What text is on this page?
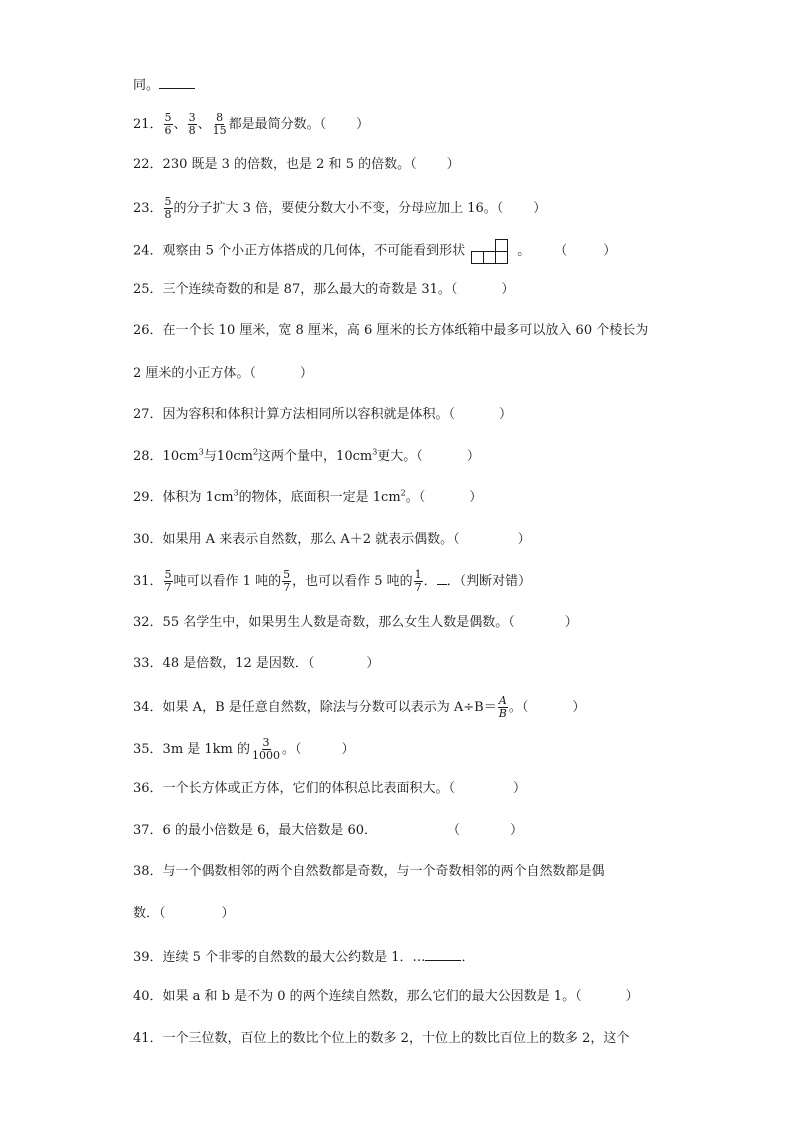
同。
21． $\frac{5}{6}$ 、 $\frac{3}{8}$ 、 $\frac{8}{15}$ 都是最简分数。（ ）
22．230 既是 3 的倍数，也是 2 和 5 的倍数。（ ）
23． $\frac{5}{8}$ 的分子扩大 3 倍，要使分数大小不变，分母应加上 16。（ ）
24．观察由 5 个小正方体搭成的几何体，不可能看到形状	。 （	）
25．三个连续奇数的和是 87，那么最大的奇数是 31。（	）
26．在一个长 10 厘米，宽 8 厘米，高 6 厘米的长方体纸箱中最多可以放入 60 个棱长为
2 厘米的小正方体。（	）
27．因为容积和体积计算方法相同所以容积就是体积。（	）
28．$10cm^3$与$10cm^2$这两个量中，$10cm^3$更大。（	）
29．体积为 $1cm^3$的物体，底面积一定是 $1cm^2$。（	）
30．如果用 A 来表示自然数，那么 A＋2 就表示偶数。（	）
31． $\frac{5}{7}$ 吨可以看作 1 吨的 $\frac{5}{7}$ ，也可以看作 5 吨的 $\frac{1}{7}$ ． ．（判断对错）
32．55 名学生中，如果男生人数是奇数，那么女生人数是偶数。（	）
33．48 是倍数，12 是因数．（	）
34．如果 A，B 是任意自然数，除法与分数可以表示为 $A\div B= \frac{A}{B}$ 。（	）
35．3m 是 1km 的 $\frac{3}{1000}$ 。（	）
36．一个长方体或正方体，它们的体积总比表面积大。（	）
37．6 的最小倍数是 6，最大倍数是 60．	（	）
38．与一个偶数相邻的两个自然数都是奇数，与一个奇数相邻的两个自然数都是偶
数．（	）
39．连续 5 个非零的自然数的最大公约数是 1．…	．
40．如果 a 和 b 是不为 0 的两个连续自然数，那么它们的最大公因数是 1。（	）
41．一个三位数，百位上的数比个位上的数多 2，十位上的数比百位上的数多 2，这个
